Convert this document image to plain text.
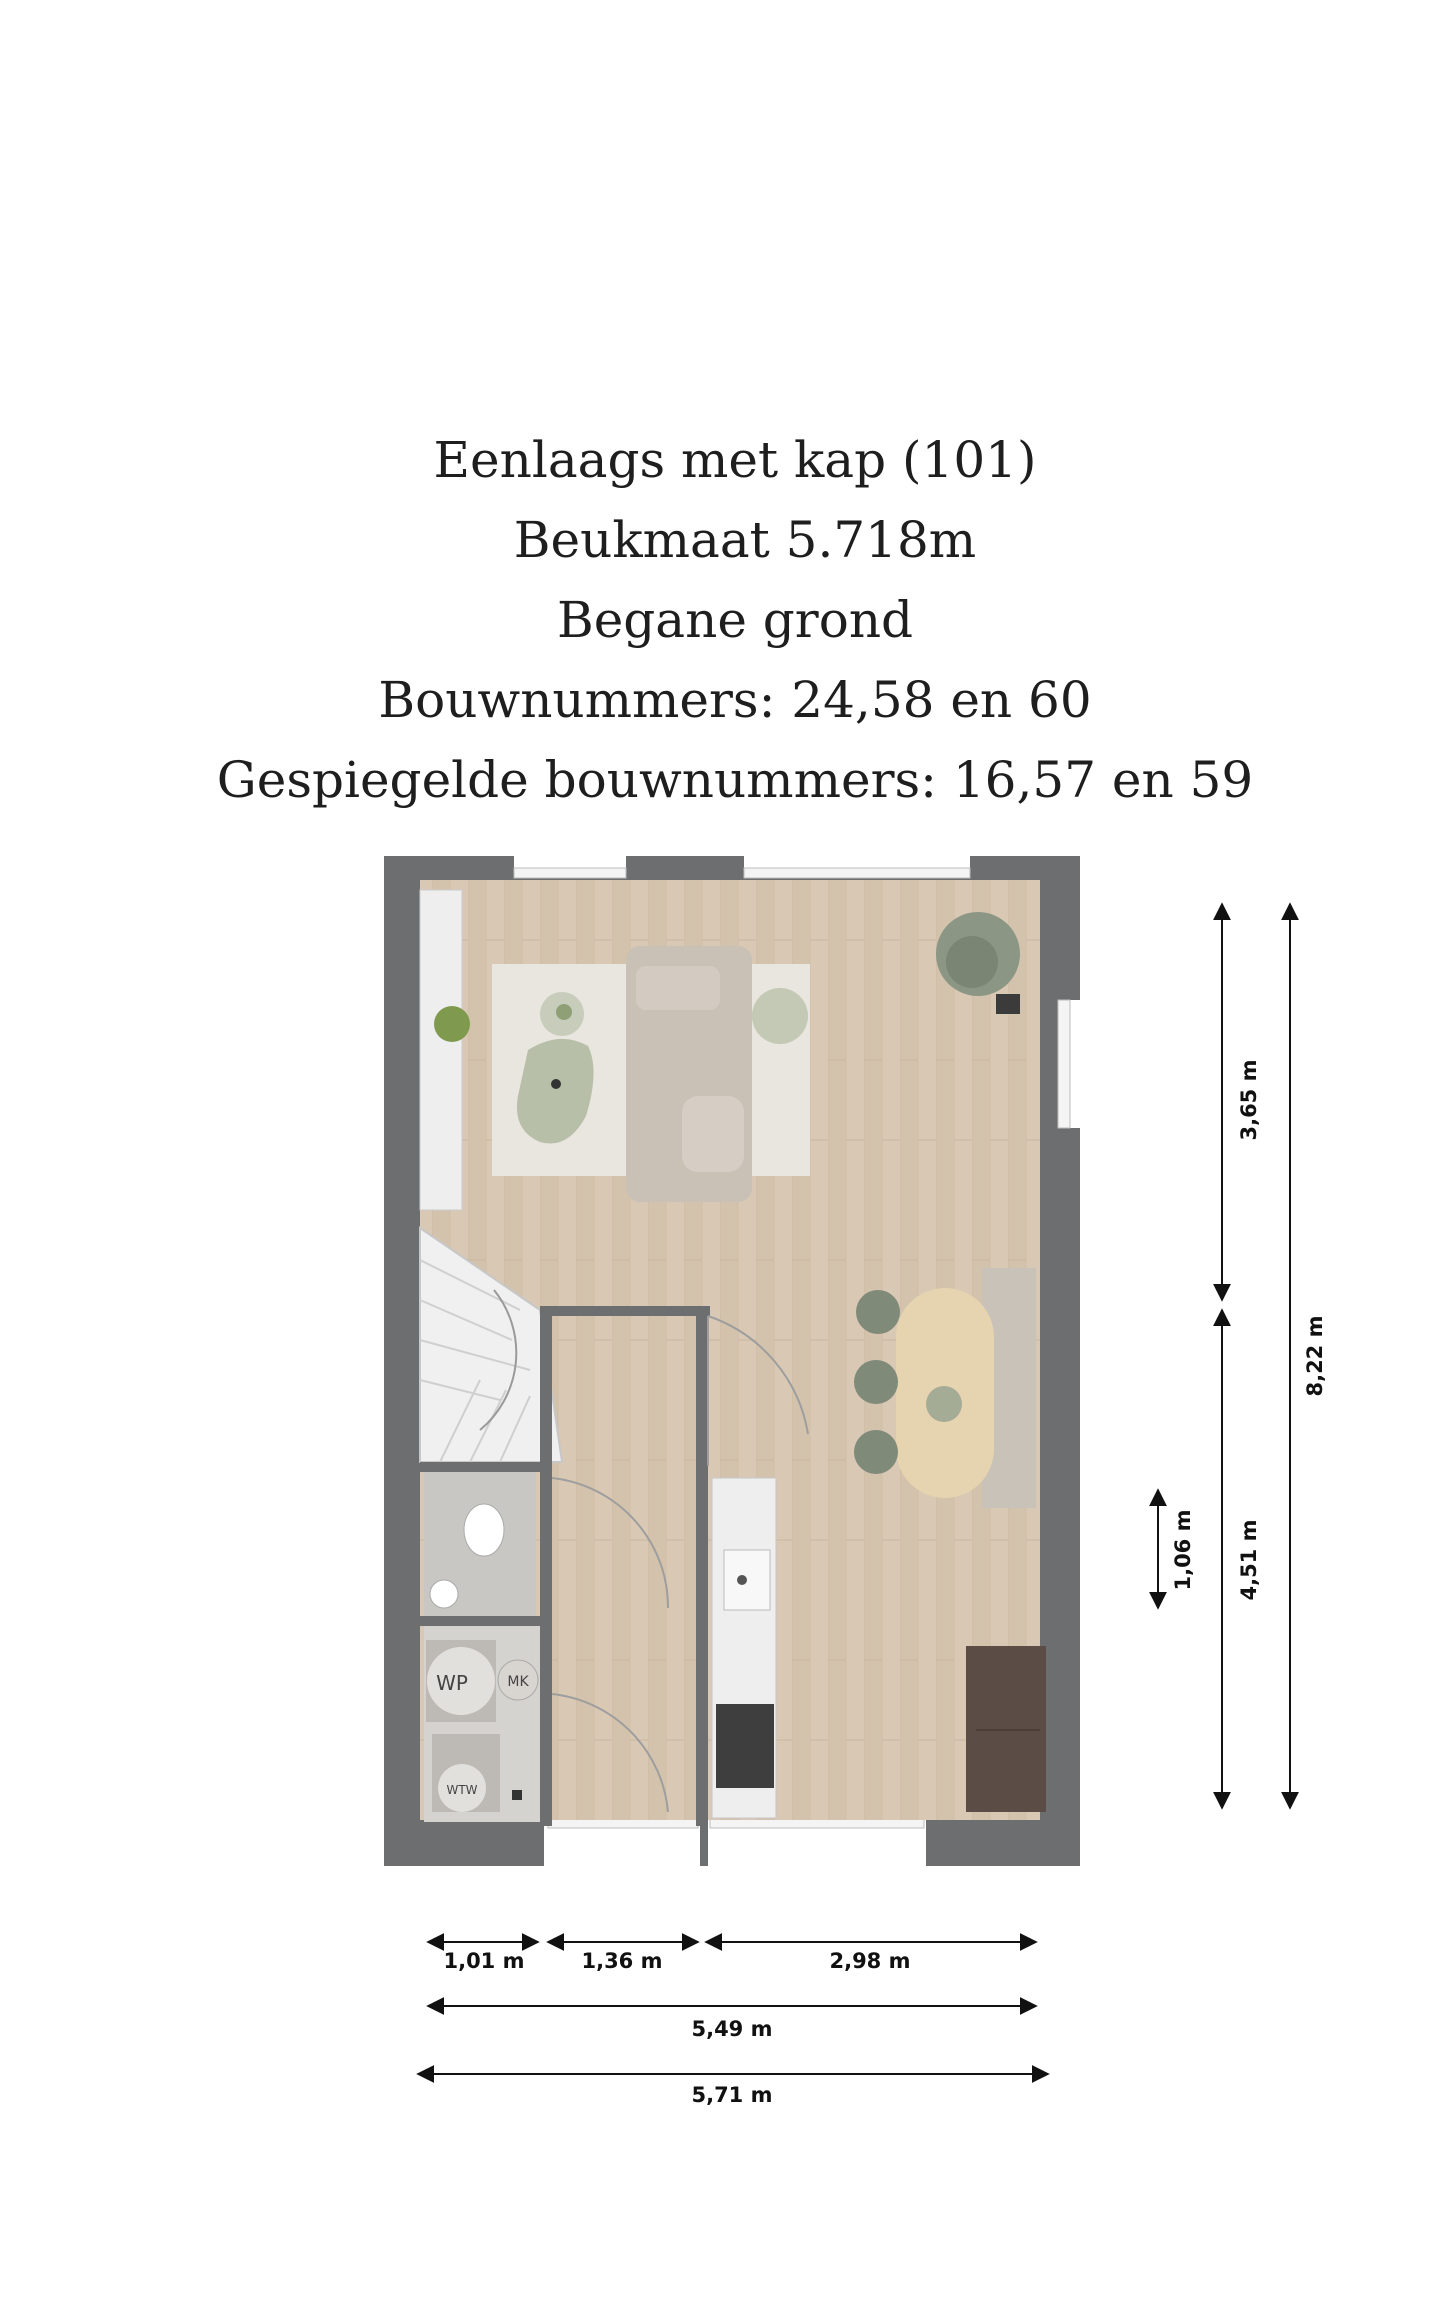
Eenlaags met kap (101)
Beukmaat 5.718m
Begane grond
Bouwnummers: 24,58 en 60
Gespiegelde bouwnummers: 16,57 en 59
WP	MK
WTW
3,65 m
4,51 m
8,22 m
1,06 m
1,01 m	1,36 m	2,98 m
5,49 m
5,71 m
